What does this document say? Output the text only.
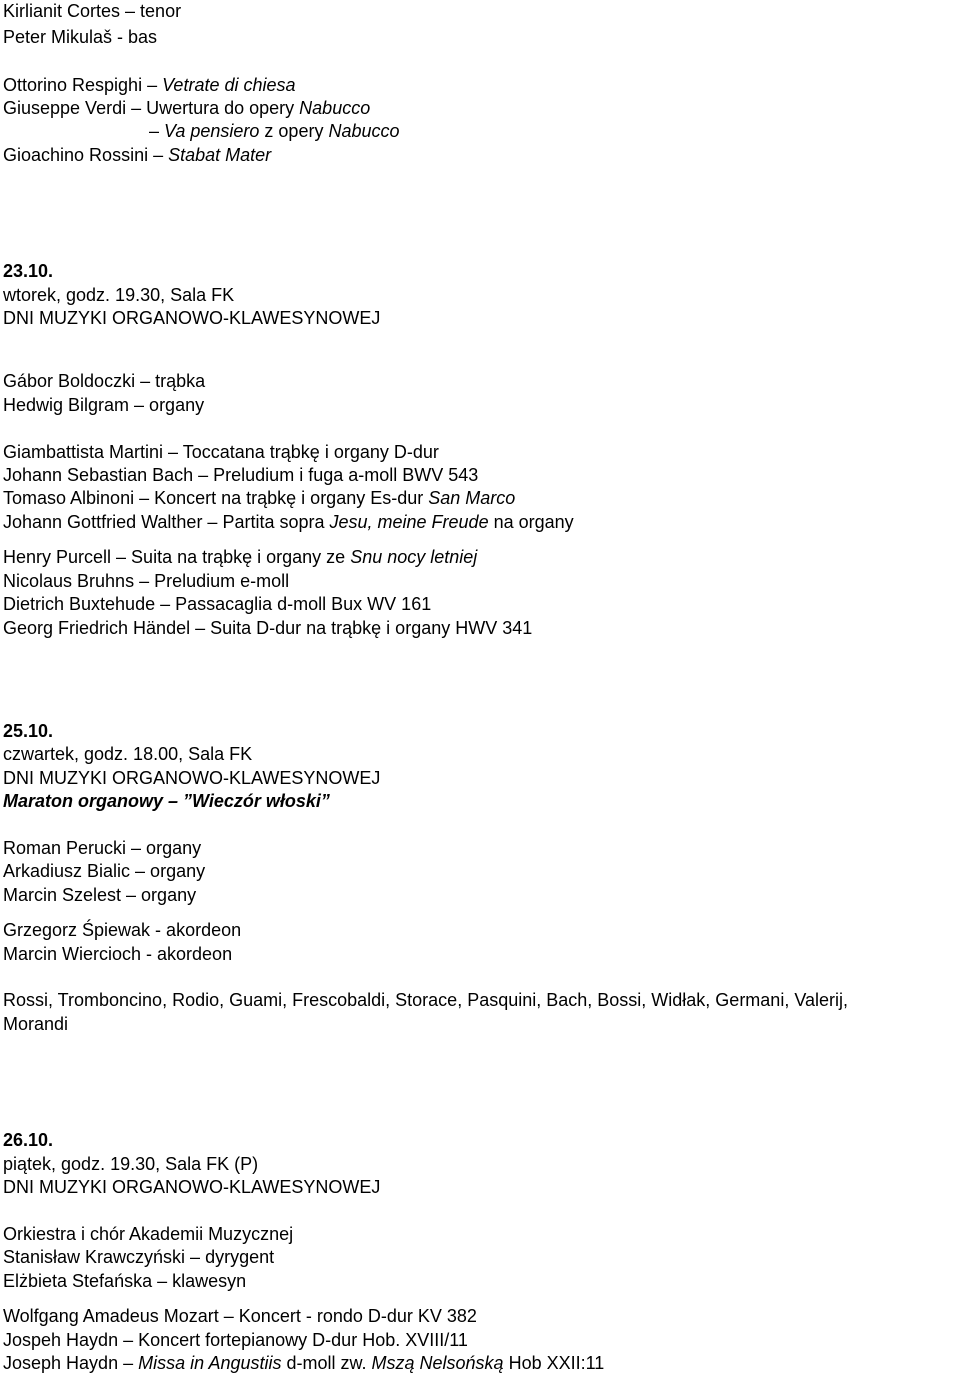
Kirlianit Cortes – tenor
Peter Mikulaš - bas
Ottorino Respighi – Vetrate di chiesa
Giuseppe Verdi – Uwertura do opery Nabucco
– Va pensiero z opery Nabucco
Gioachino Rossini – Stabat Mater
23.10.
wtorek, godz. 19.30, Sala FK
DNI MUZYKI ORGANOWO-KLAWESYNOWEJ
Gábor Boldoczki – trąbka
Hedwig Bilgram – organy
Giambattista Martini – Toccatana trąbkę i organy D-dur
Johann Sebastian Bach – Preludium i fuga a-moll BWV 543
Tomaso Albinoni – Koncert na trąbkę i organy Es-dur San Marco
Johann Gottfried Walther – Partita sopra Jesu, meine Freude na organy
Henry Purcell – Suita na trąbkę i organy ze Snu nocy letniej
Nicolaus Bruhns – Preludium e-moll
Dietrich Buxtehude – Passacaglia d-moll Bux WV 161
Georg Friedrich Händel – Suita D-dur na trąbkę i organy HWV 341
25.10.
czwartek, godz. 18.00, Sala FK
DNI MUZYKI ORGANOWO-KLAWESYNOWEJ
Maraton organowy – ”Wieczór włoski”
Roman Perucki – organy
Arkadiusz Bialic – organy
Marcin Szelest – organy
Grzegorz Śpiewak - akordeon
Marcin Wiercioch - akordeon
Rossi, Tromboncino, Rodio, Guami, Frescobaldi, Storace, Pasquini, Bach, Bossi, Widłak, Germani, Valerij,
Morandi
26.10.
piątek, godz. 19.30, Sala FK (P)
DNI MUZYKI ORGANOWO-KLAWESYNOWEJ
Orkiestra i chór Akademii Muzycznej
Stanisław Krawczyński – dyrygent
Elżbieta Stefańska – klawesyn
Wolfgang Amadeus Mozart – Koncert - rondo D-dur KV 382
Jospeh Haydn – Koncert fortepianowy D-dur Hob. XVIII/11
Joseph Haydn – Missa in Angustiis d-moll zw. Mszą Nelsońską Hob XXII:11
